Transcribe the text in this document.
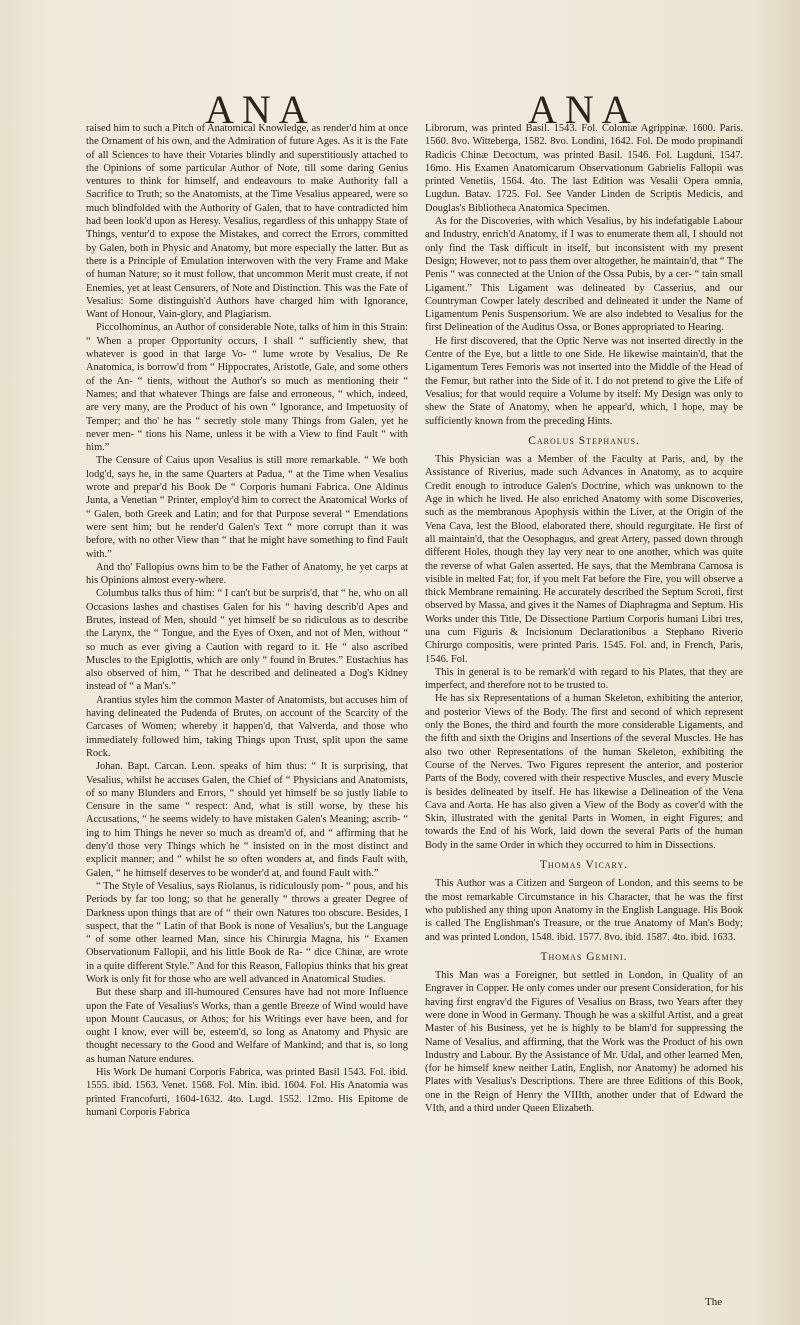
ANA	ANA

raised him to such a Pitch of Anatomical Knowledge, as render'd him at once the Ornament of his own, and the Admiration of future Ages. As it is the Fate of all Sciences to have their Votaries blindly and superstitiously attached to the Opinions of some particular Author of Note, till some daring Genius ventures to think for himself, and endeavours to make Authority fall a Sacrifice to Truth; so the Anatomists, at the Time Vesalius appeared, were so much blindfolded with the Authority of Galen, that to have contradicted him had been look'd upon as Heresy. Vesalius, regardless of this unhappy State of Things, ventur'd to expose the Mistakes, and correct the Errors, committed by Galen, both in Physic and Anatomy, but more especially the latter. But as there is a Principle of Emulation interwoven with the very Frame and Make of human Nature; so it must follow, that uncommon Merit must create, if not Enemies, yet at least Censurers, of Note and Distinction. This was the Fate of Vesalius: Some distinguish'd Authors have charged him with Ignorance, Want of Honour, Vain-glory, and Plagiarism.

Piccolhominus, an Author of considerable Note, talks of him in this Strain: “ When a proper Opportunity occurs, I shall “ sufficiently shew, that whatever is good in that large Vo- “ lume wrote by Vesalius, De Re Anatomica, is borrow'd from “ Hippocrates, Aristotle, Gale, and some others of the An- “ tients, without the Author's so much as mentioning their “ Names; and that whatever Things are false and erroneous, “ which, indeed, are very many, are the Product of his own “ Ignorance, and Impetuosity of Temper; and tho' he has “ secretly stole many Things from Galen, yet he never men- “ tions his Name, unless it be with a View to find Fault “ with him.”

The Censure of Caius upon Vesalius is still more remarkable. “ We both lodg'd, says he, in the same Quarters at Padua, “ at the Time when Vesalius wrote and prepar'd his Book De “ Corporis humani Fabrica. One Aldinus Junta, a Venetian “ Printer, employ'd him to correct the Anatomical Works of “ Galen, both Greek and Latin; and for that Purpose several “ Emendations were sent him; but he render'd Galen's Text “ more corrupt than it was before, with no other View than “ that he might have something to find Fault with.”

And tho' Fallopius owns him to be the Father of Anatomy, he yet carps at his Opinions almost every-where.

Columbus talks thus of him: “ I can't but be surpris'd, that “ he, who on all Occasions lashes and chastises Galen for his “ having describ'd Apes and Brutes, instead of Men, should “ yet himself be so ridiculous as to describe the Larynx, the “ Tongue, and the Eyes of Oxen, and not of Men, without “ so much as ever giving a Caution with regard to it. He “ also ascribed Muscles to the Epiglottis, which are only “ found in Brutes.” Eustachius has also observed of him, “ That he described and delineated a Dog's Kidney instead of “ a Man's.”

Arantius styles him the common Master of Anatomists, but accuses him of having delineated the Pudenda of Brutes, on account of the Scarcity of the Carcases of Women; whereby it happen'd, that Valverda, and those who immediately followed him, taking Things upon Trust, split upon the same Rock.

Johan. Bapt. Carcan. Leon. speaks of him thus: “ It is surprising, that Vesalius, whilst he accuses Galen, the Chief of “ Physicians and Anatomists, of so many Blunders and Errors, “ should yet himself be so justly liable to Censure in the same “ respect: And, what is still worse, by these his Accusations, “ he seems widely to have mistaken Galen's Meaning; ascrib- “ ing to him Things he never so much as dream'd of, and “ affirming that he deny'd those very Things which he “ insisted on in the most distinct and explicit manner; and “ whilst he so often wonders at, and finds Fault with, Galen, “ he himself deserves to be wonder'd at, and found Fault with.”

“ The Style of Vesalius, says Riolanus, is ridiculously pom- “ pous, and his Periods by far too long; so that he generally “ throws a greater Degree of Darkness upon things that are of “ their own Natures too obscure. Besides, I suspect, that the “ Latin of that Book is none of Vesalius's, but the Language “ of some other learned Man, since his Chirurgia Magna, his “ Examen Observationum Fallopii, and his little Book de Ra- “ dice Chinæ, are wrote in a quite different Style.” And for this Reason, Fallopius thinks that his great Work is only fit for those who are well advanced in Anatomical Studies.

But these sharp and ill-humoured Censures have had not more Influence upon the Fate of Vesalius's Works, than a gentle Breeze of Wind would have upon Mount Caucasus, or Athos; for his Writings ever have been, and for ought I know, ever will be, esteem'd, so long as Anatomy and Physic are thought necessary to the Good and Welfare of Mankind; and that is, so long as human Nature endures.

His Work De humani Corporis Fabrica, was printed Basil 1543. Fol. ibid. 1555. ibid. 1563. Venet. 1568. Fol. Min. ibid. 1604. Fol. His Anatomia was printed Francofurti, 1604-1632. 4to. Lugd. 1552. 12mo. His Epitome de humani Corporis Fabrica

Librorum, was printed Basil. 1543. Fol. Coloniæ Agrippinæ. 1600. Paris. 1560. 8vo. Witteberga, 1582. 8vo. Londini, 1642. Fol. De modo propinandi Radicis Chinæ Decoctum, was printed Basil. 1546. Fol. Lugduni, 1547. 16mo. His Examen Anatomicarum Observationum Gabrielis Fallopii was printed Venetiis, 1564. 4to. The last Edition was Vesalii Opera omnia, Lugdun. Batav. 1725. Fol. See Vander Linden de Scriptis Medicis, and Douglas's Bibliotheca Anatomica Specimen.

As for the Discoveries, with which Vesalius, by his indefatigable Labour and Industry, enrich'd Anatomy, if I was to enumerate them all, I should not only find the Task difficult in itself, but inconsistent with my present Design; However, not to pass them over altogether, he maintain'd, that “ The Penis “ was connected at the Union of the Ossa Pubis, by a cer- “ tain small Ligament.” This Ligament was delineated by Casserius, and our Countryman Cowper lately described and delineated it under the Name of Ligamentum Penis Suspensorium. We are also indebted to Vesalius for the first Delineation of the Auditus Ossa, or Bones appropriated to Hearing.

He first discovered, that the Optic Nerve was not inserted directly in the Centre of the Eye, but a little to one Side. He likewise maintain'd, that the Ligamentum Teres Femoris was not inserted into the Middle of the Head of the Femur, but rather into the Side of it. I do not pretend to give the Life of Vesalius; for that would require a Volume by itself: My Design was only to shew the State of Anatomy, when he appear'd, which, I hope, may be sufficiently known from the preceding Hints.

Carolus Stephanus.

This Physician was a Member of the Faculty at Paris, and, by the Assistance of Riverius, made such Advances in Anatomy, as to acquire Credit enough to introduce Galen's Doctrine, which was unknown to the Age in which he lived. He also enriched Anatomy with some Discoveries, such as the membranous Apophysis within the Liver, at the Origin of the Vena Cava, lest the Blood, elaborated there, should regurgitate. He first of all maintain'd, that the Oesophagus, and great Artery, passed down through different Holes, though they lay very near to one another, which was quite the reverse of what Galen asserted. He says, that the Membrana Carnosa is visible in melted Fat; for, if you melt Fat before the Fire, you will observe a thick Membrane remaining. He accurately described the Septum Scroti, first observed by Massa, and gives it the Names of Diaphragma and Septum. His Works under this Title, De Dissectione Partium Corporis humani Libri tres, una cum Figuris & Incisionum Declarationibus a Stephano Riverio Chirurgo compositis, were printed Paris. 1545. Fol. and, in French, Paris, 1546. Fol.

This in general is to be remark'd with regard to his Plates, that they are imperfect, and therefore not to be trusted to.

He has six Representations of a human Skeleton, exhibiting the anterior, and posterior Views of the Body. The first and second of which represent only the Bones, the third and fourth the more considerable Ligaments, and the fifth and sixth the Origins and Insertions of the several Muscles. He has also two other Representations of the human Skeleton, exhibiting the Course of the Nerves. Two Figures represent the anterior, and posterior Parts of the Body, covered with their respective Muscles, and every Muscle is besides delineated by itself. He has likewise a Delineation of the Vena Cava and Aorta. He has also given a View of the Body as cover'd with the Skin, illustrated with the genital Parts in Women, in eight Figures; and towards the End of his Work, laid down the several Parts of the human Body in the same Order in which they occurred to him in Dissections.

Thomas Vicary.

This Author was a Citizen and Surgeon of London, and this seems to be the most remarkable Circumstance in his Character, that he was the first who published any thing upon Anatomy in the English Language. His Book is called The Englishman's Treasure, or the true Anatomy of Man's Body; and was printed London, 1548. ibid. 1577. 8vo. ibid. 1587. 4to. ibid. 1633.

Thomas Gemini.

This Man was a Foreigner, but settled in London, in Quality of an Engraver in Copper. He only comes under our present Consideration, for his having first engrav'd the Figures of Vesalius on Brass, two Years after they were done in Wood in Germany. Though he was a skilful Artist, and a great Master of his Business, yet he is highly to be blam'd for suppressing the Name of Vesalius, and affirming, that the Work was the Product of his own Industry and Labour. By the Assistance of Mr. Udal, and other learned Men, (for he himself knew neither Latin, English, nor Anatomy) he adorned his Plates with Vesalius's Descriptions. There are three Editions of this Book, one in the Reign of Henry the VIIIth, another under that of Edward the VIth, and a third under Queen Elizabeth.

The
